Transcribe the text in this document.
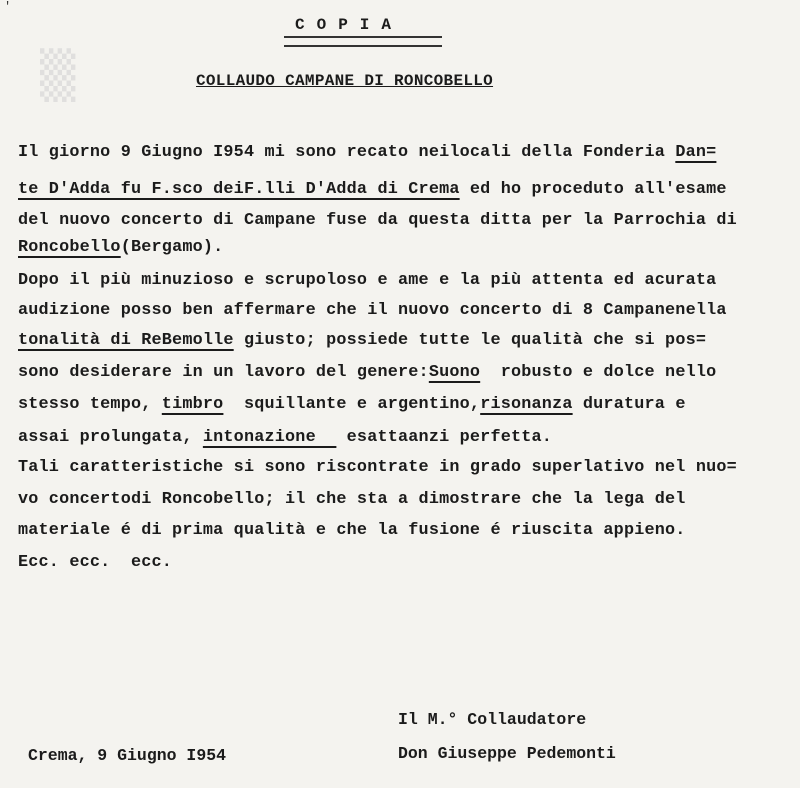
▒
'
COPIA
COLLAUDO CAMPANE DI RONCOBELLO
Il giorno 9 Giugno I954 mi sono recato neilocali della Fonderia Dan=
te D'Adda fu F.sco deiF.lli D'Adda di Crema ed ho proceduto all'esame
del nuovo concerto di Campane fuse da questa ditta per la Parrochia di
Roncobello(Bergamo).
Dopo il più minuzioso e scrupoloso e ame e la più attenta ed acurata
audizione posso ben affermare che il nuovo concerto di 8 Campanenella
tonalità di ReBemolle giusto; possiede tutte le qualità che si pos=
sono desiderare in un lavoro del genere:Suono  robusto e dolce nello
stesso tempo, timbro  squillante e argentino,risonanza duratura e
assai prolungata, intonazione   esattaanzi perfetta.
Tali caratteristiche si sono riscontrate in grado superlativo nel nuo=
vo concertodi Roncobello; il che sta a dimostrare che la lega del
materiale é di prima qualità e che la fusione é riuscita appieno.
Ecc. ecc.  ecc.
Il M.° Collaudatore
Crema, 9 Giugno I954	Don Giuseppe Pedemonti
